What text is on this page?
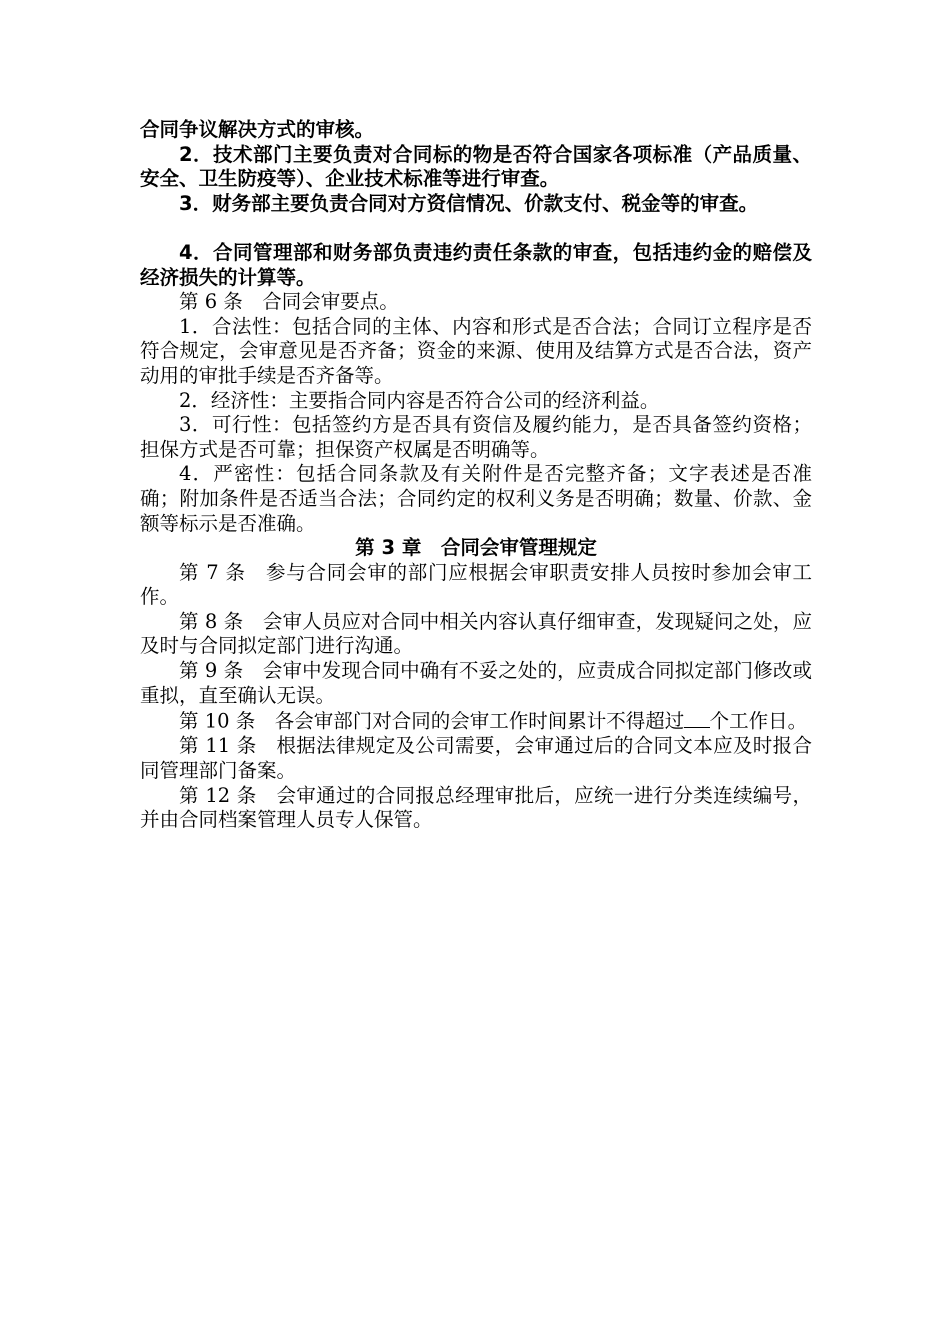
合同争议解决方式的审核。

2．技术部门主要负责对合同标的物是否符合国家各项标准（产品质量、安全、卫生防疫等）、企业技术标准等进行审查。

3．财务部主要负责合同对方资信情况、价款支付、税金等的审查。

4．合同管理部和财务部负责违约责任条款的审查，包括违约金的赔偿及经济损失的计算等。

第 6 条　合同会审要点。

1．合法性：包括合同的主体、内容和形式是否合法；合同订立程序是否符合规定，会审意见是否齐备；资金的来源、使用及结算方式是否合法，资产动用的审批手续是否齐备等。

2．经济性：主要指合同内容是否符合公司的经济利益。

3．可行性：包括签约方是否具有资信及履约能力，是否具备签约资格；担保方式是否可靠；担保资产权属是否明确等。

4．严密性：包括合同条款及有关附件是否完整齐备；文字表述是否准确；附加条件是否适当合法；合同约定的权利义务是否明确；数量、价款、金额等标示是否准确。

第 3 章　合同会审管理规定

第 7 条　参与合同会审的部门应根据会审职责安排人员按时参加会审工作。

第 8 条　会审人员应对合同中相关内容认真仔细审查，发现疑问之处，应及时与合同拟定部门进行沟通。

第 9 条　会审中发现合同中确有不妥之处的，应责成合同拟定部门修改或重拟，直至确认无误。

第 10 条　各会审部门对合同的会审工作时间累计不得超过 个工作日。

第 11 条　根据法律规定及公司需要，会审通过后的合同文本应及时报合同管理部门备案。

第 12 条　会审通过的合同报总经理审批后，应统一进行分类连续编号，并由合同档案管理人员专人保管。
